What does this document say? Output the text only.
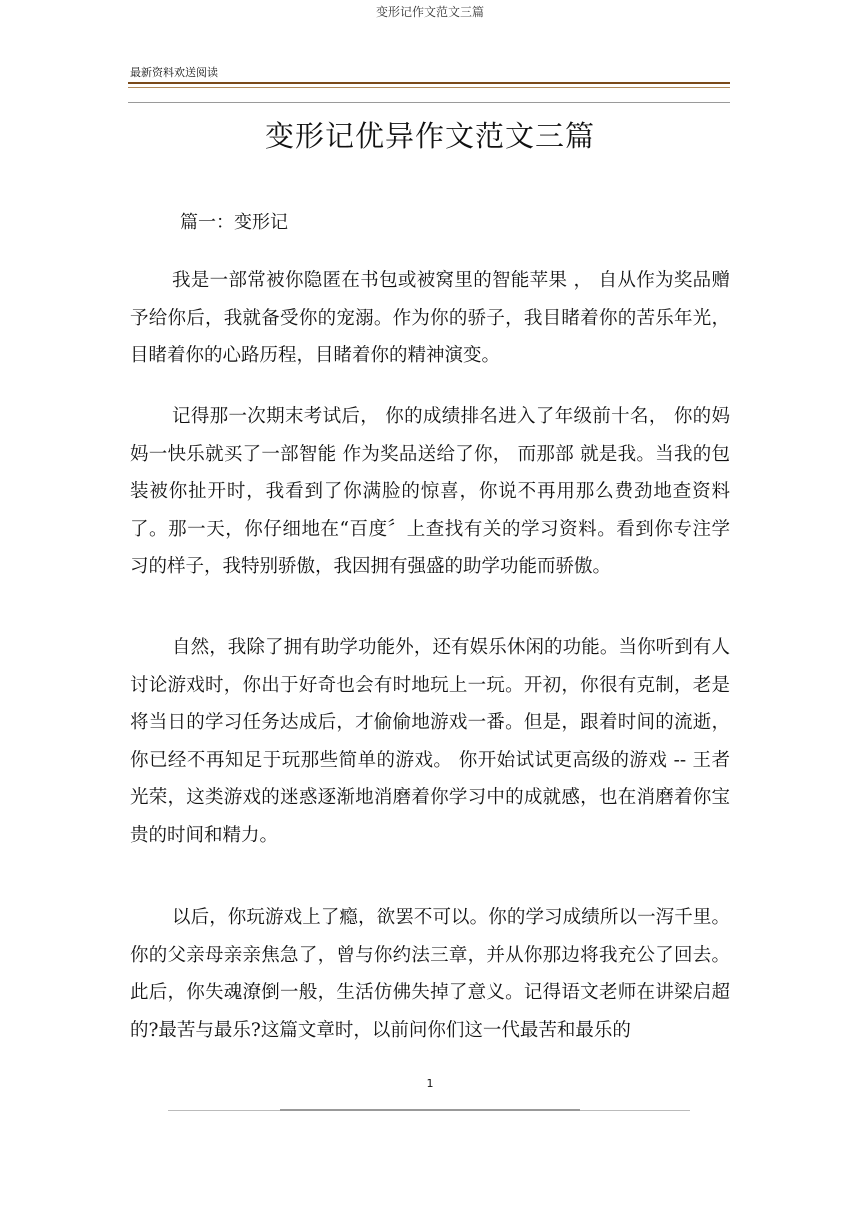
变形记作文范文三篇
最新资料欢送阅读
变形记优异作文范文三篇
篇一：变形记

我是一部常被你隐匿在书包或被窝里的智能苹果 ， 自从作为奖品赠予给你后，我就备受你的宠溺。作为你的骄子，我目睹着你的苦乐年光，目睹着你的心路历程，目睹着你的精神演变。

记得那一次期末考试后， 你的成绩排名进入了年级前十名， 你的妈妈一快乐就买了一部智能 作为奖品送给了你， 而那部 就是我。当我的包装被你扯开时，我看到了你满脸的惊喜，你说不再用那么费劲地查资料了。那一天，你仔细地在“百度〞上查找有关的学习资料。看到你专注学习的样子，我特别骄傲，我因拥有强盛的助学功能而骄傲。

自然，我除了拥有助学功能外，还有娱乐休闲的功能。当你听到有人讨论游戏时，你出于好奇也会有时地玩上一玩。开初，你很有克制，老是将当日的学习任务达成后，才偷偷地游戏一番。但是，跟着时间的流逝，你已经不再知足于玩那些简单的游戏。 你开始试试更高级的游戏 -- 王者光荣，这类游戏的迷惑逐渐地消磨着你学习中的成就感，也在消磨着你宝贵的时间和精力。

以后，你玩游戏上了瘾，欲罢不可以。你的学习成绩所以一泻千里。你的父亲母亲亲焦急了，曾与你约法三章，并从你那边将我充公了回去。此后，你失魂潦倒一般，生活仿佛失掉了意义。记得语文老师在讲梁启超的?最苦与最乐?这篇文章时，以前问你们这一代最苦和最乐的

1
